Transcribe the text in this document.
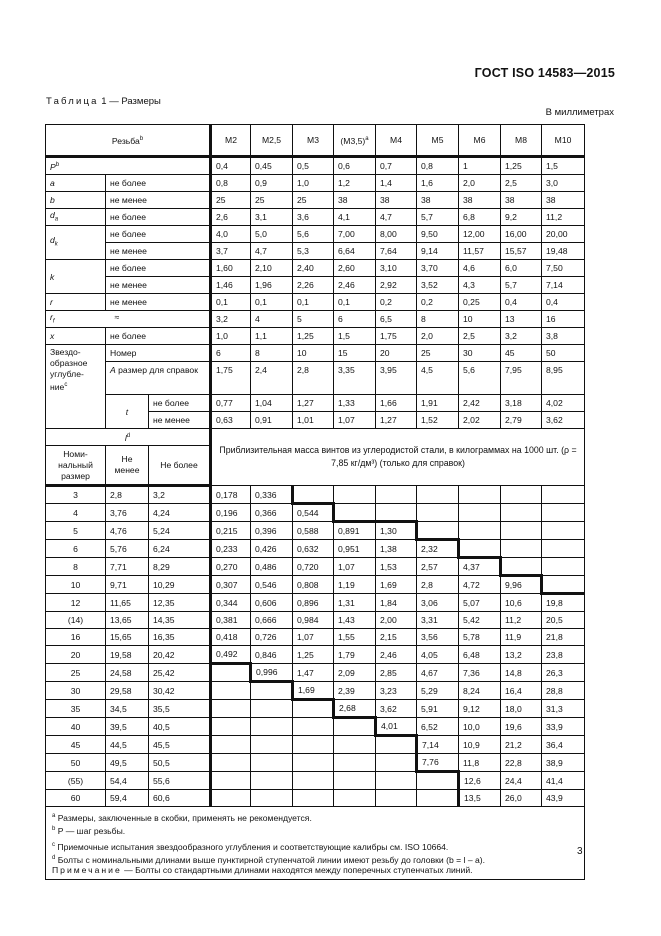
ГОСТ ISO 14583—2015
Таблица 1 — Размеры
В миллиметрах
Резьба$^b$			M2	M2,5	M3	$(M3,5)^a$	M4	M5	M6	M8	M10
$P^b$			0,4	0,45	0,5	0,6	0,7	0,8	1	1,25	1,5
a	не более		0,8	0,9	1,0	1,2	1,4	1,6	2,0	2,5	3,0
b	не менее		25	25	25	38	38	38	38	38	38
$d_a$	не более		2,6	3,1	3,6	4,1	4,7	5,7	6,8	9,2	11,2
$d_k$	не более		4,0	5,0	5,6	7,00	8,00	9,50	12,00	16,00	20,00
	не менее		3,7	4,7	5,3	6,64	7,64	9,14	11,57	15,57	19,48
k	не более		1,60	2,10	2,40	2,60	3,10	3,70	4,6	6,0	7,50
	не менее		1,46	1,96	2,26	2,46	2,92	3,52	4,3	5,7	7,14
r	не менее		0,1	0,1	0,1	0,1	0,2	0,2	0,25	0,4	0,4
$r_f$ ≈			3,2	4	5	6	6,5	8	10	13	16
x	не более		1,0	1,1	1,25	1,5	1,75	2,0	2,5	3,2	3,8
Звездо-образное углубле-ние$^c$	Номер		6	8	10	15	20	25	30	45	50
	A размер для справок		1,75	2,4	2,8	3,35	3,95	4,5	5,6	7,95	8,95
	t	не более	0,77	1,04	1,27	1,33	1,66	1,91	2,42	3,18	4,02
		не менее	0,63	0,91	1,01	1,07	1,27	1,52	2,02	2,79	3,62
$l^d$			Приблизительная масса винтов из углеродистой стали, в килограммах на 1000 шт. (ρ = 7,85 кг/дм³) (только для справок)								
Номи-нальный размер	Не менее	Не более									
3	2,8	3,2	0,178	0,336							
4	3,76	4,24	0,196	0,366	0,544						
5	4,76	5,24	0,215	0,396	0,588	0,891	1,30				
6	5,76	6,24	0,233	0,426	0,632	0,951	1,38	2,32			
8	7,71	8,29	0,270	0,486	0,720	1,07	1,53	2,57	4,37		
10	9,71	10,29	0,307	0,546	0,808	1,19	1,69	2,8	4,72	9,96	
12	11,65	12,35	0,344	0,606	0,896	1,31	1,84	3,06	5,07	10,6	19,8
(14)	13,65	14,35	0,381	0,666	0,984	1,43	2,00	3,31	5,42	11,2	20,5
16	15,65	16,35	0,418	0,726	1,07	1,55	2,15	3,56	5,78	11,9	21,8
20	19,58	20,42	0,492	0,846	1,25	1,79	2,46	4,05	6,48	13,2	23,8
25	24,58	25,42		0,996	1,47	2,09	2,85	4,67	7,36	14,8	26,3
30	29,58	30,42			1,69	2,39	3,23	5,29	8,24	16,4	28,8
35	34,5	35,5				2,68	3,62	5,91	9,12	18,0	31,3
40	39,5	40,5					4,01	6,52	10,0	19,6	33,9
45	44,5	45,5						7,14	10,9	21,2	36,4
50	49,5	50,5						7,76	11,8	22,8	38,9
(55)	54,4	55,6							12,6	24,4	41,4
60	59,4	60,6							13,5	26,0	43,9

$^a$ Размеры, заключенные в скобки, применять не рекомендуется.
$^b$ P — шаг резьбы.
$^c$ Приемочные испытания звездообразного углубления и соответствующие калибры см. ISO 10664.
$^d$ Болты с номинальными длинами выше пунктирной ступенчатой линии имеют резьбу до головки (b = l – a).
Примечание — Болты со стандартными длинами находятся между поперечных ступенчатых линий.											
3
